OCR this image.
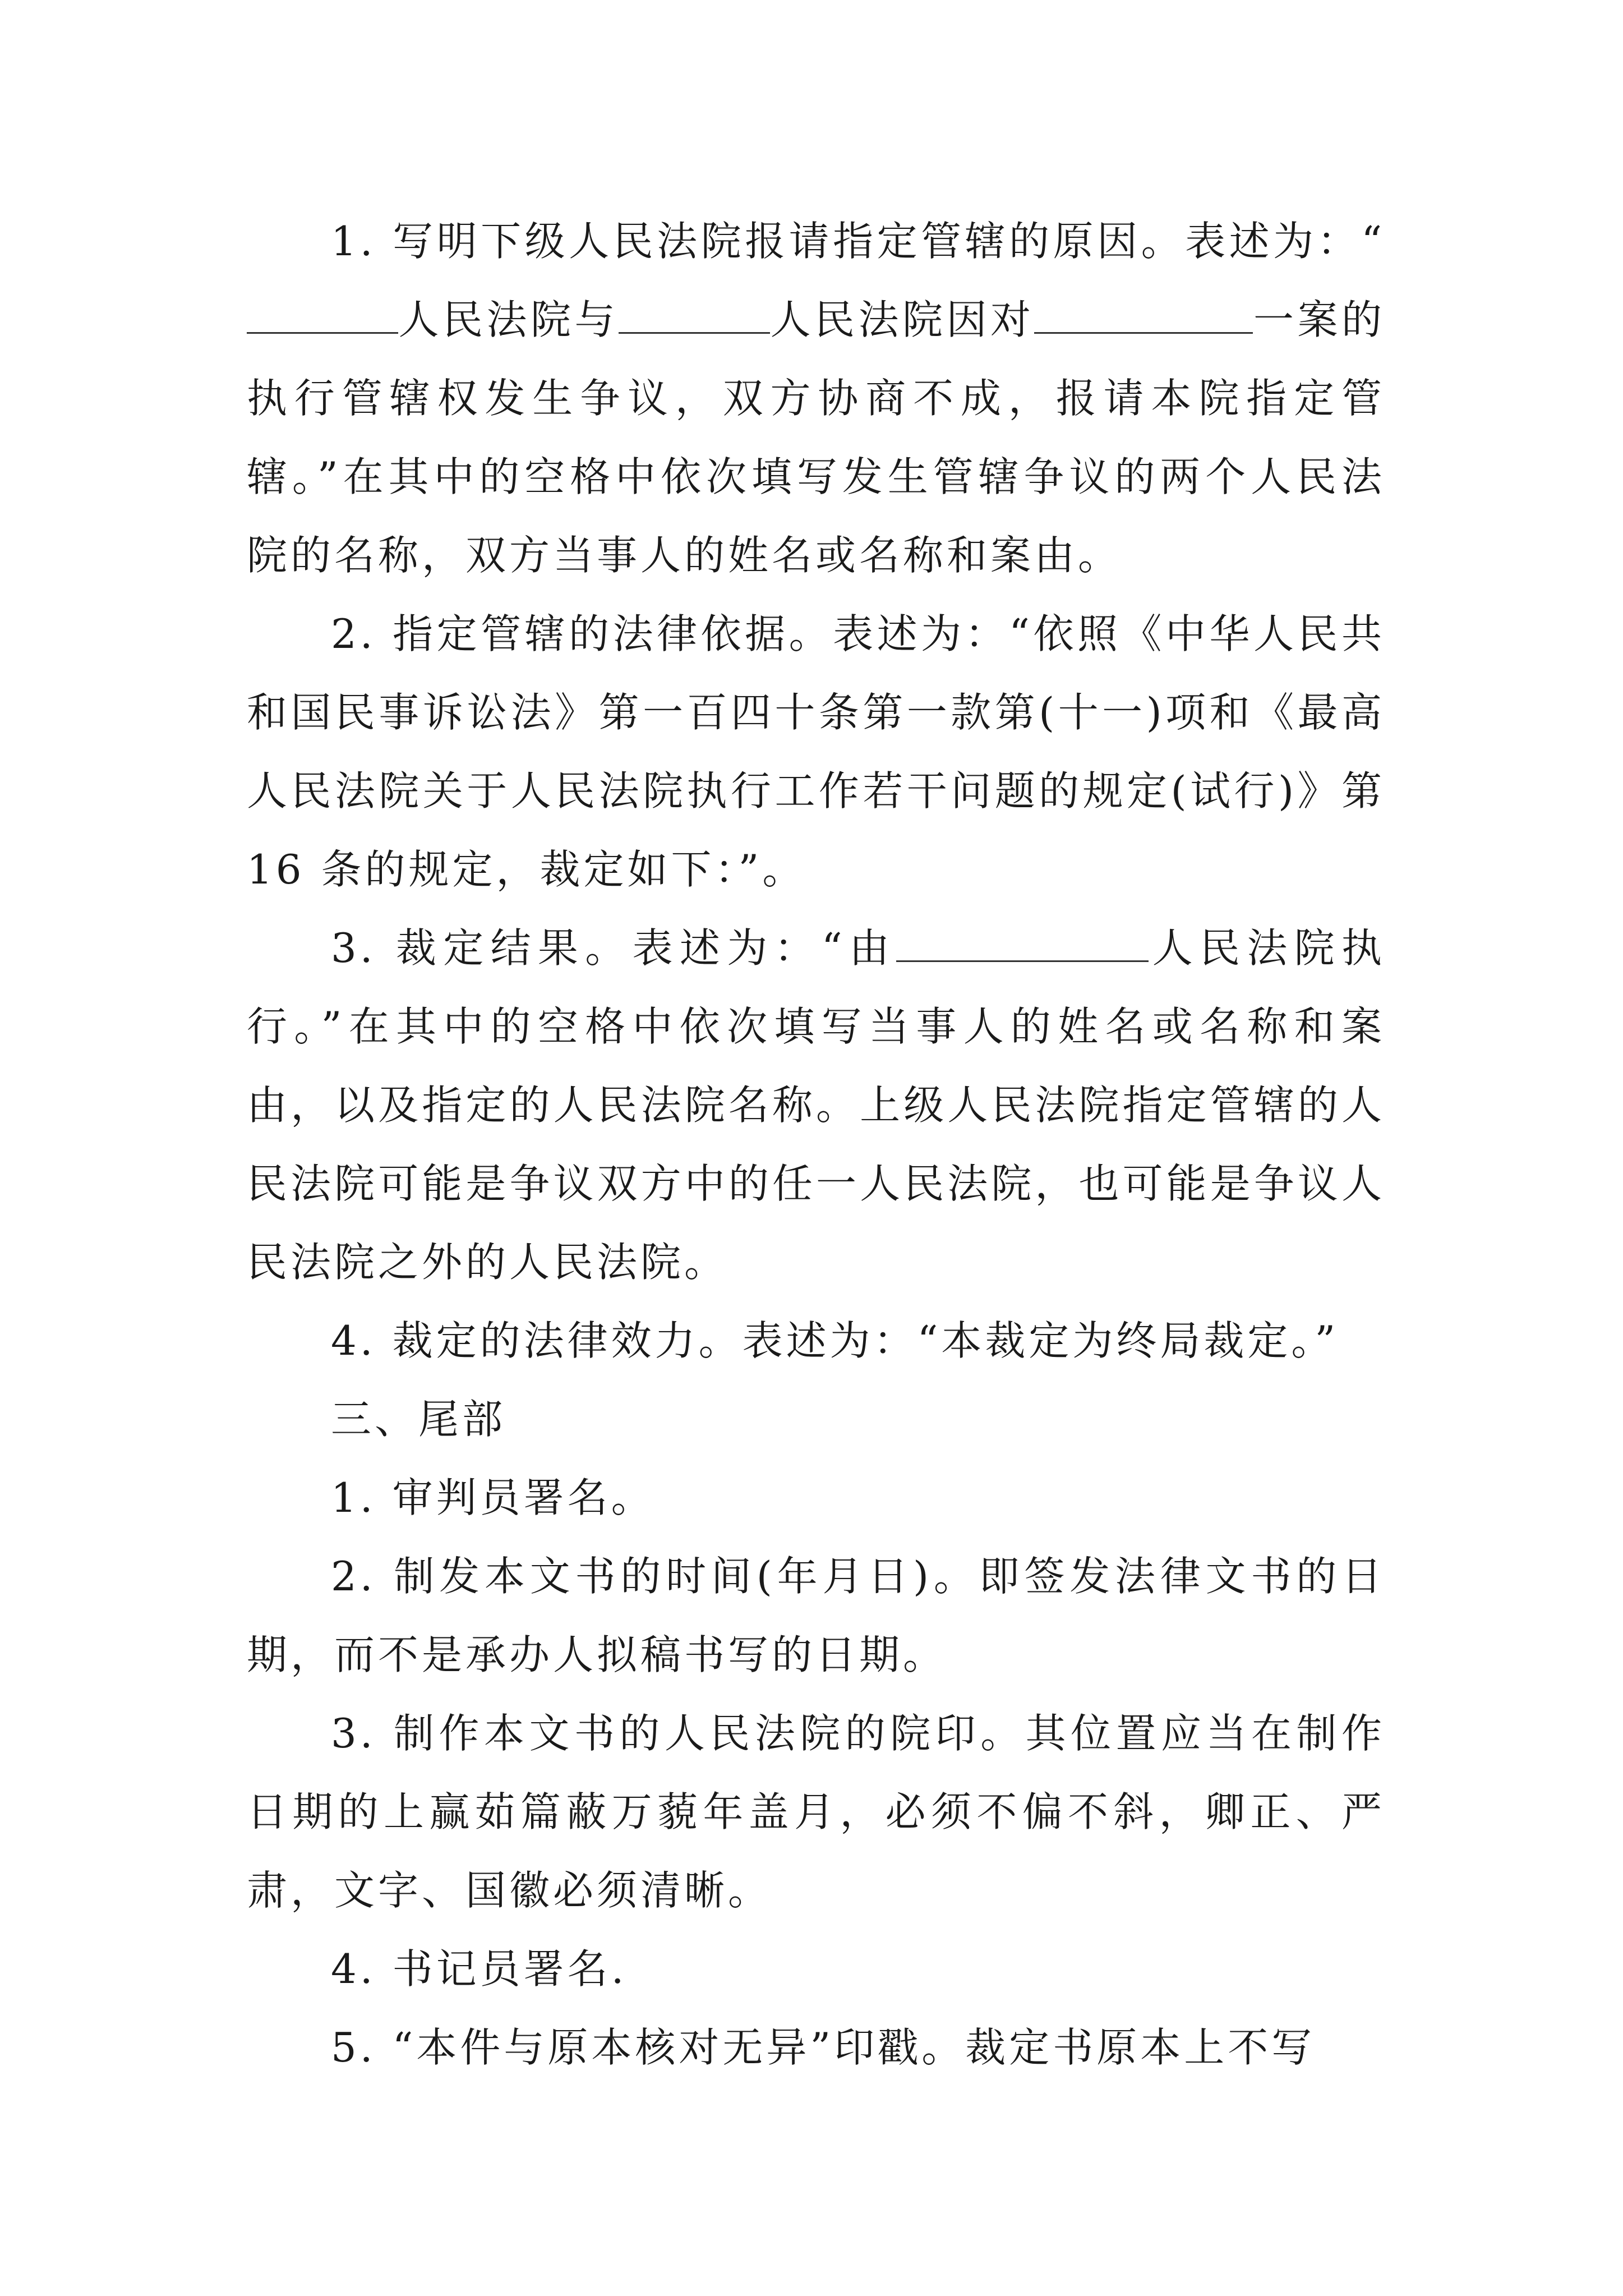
1. 写明下级人民法院报请指定管辖的原因。表述为：“人民法院与	人民法院因对	一案的执行管辖权发生争议，双方协商不成，报请本院指定管辖。”在其中的空格中依次填写发生管辖争议的两个人民法院的名称，双方当事人的姓名或名称和案由。

2. 指定管辖的法律依据。表述为：“依照《中华人民共和国民事诉讼法》第一百四十条第一款第(十一)项和《最高人民法院关于人民法院执行工作若干问题的规定(试行)》第16 条的规定，裁定如下：”。

3. 裁定结果。表述为：“由	人民法院执行。”在其中的空格中依次填写当事人的姓名或名称和案由，以及指定的人民法院名称。上级人民法院指定管辖的人民法院可能是争议双方中的任一人民法院，也可能是争议人民法院之外的人民法院。

4. 裁定的法律效力。表述为：“本裁定为终局裁定。”

三、尾部

1. 审判员署名。

2. 制发本文书的时间(年月日)。即签发法律文书的日期，而不是承办人拟稿书写的日期。

3. 制作本文书的人民法院的院印。其位置应当在制作日期的上赢茹篇蔽万藐年盖月，必须不偏不斜，卿正、严肃，文字、国徽必须清晰。

4. 书记员署名.

5. “本件与原本核对无异”印戳。裁定书原本上不写
